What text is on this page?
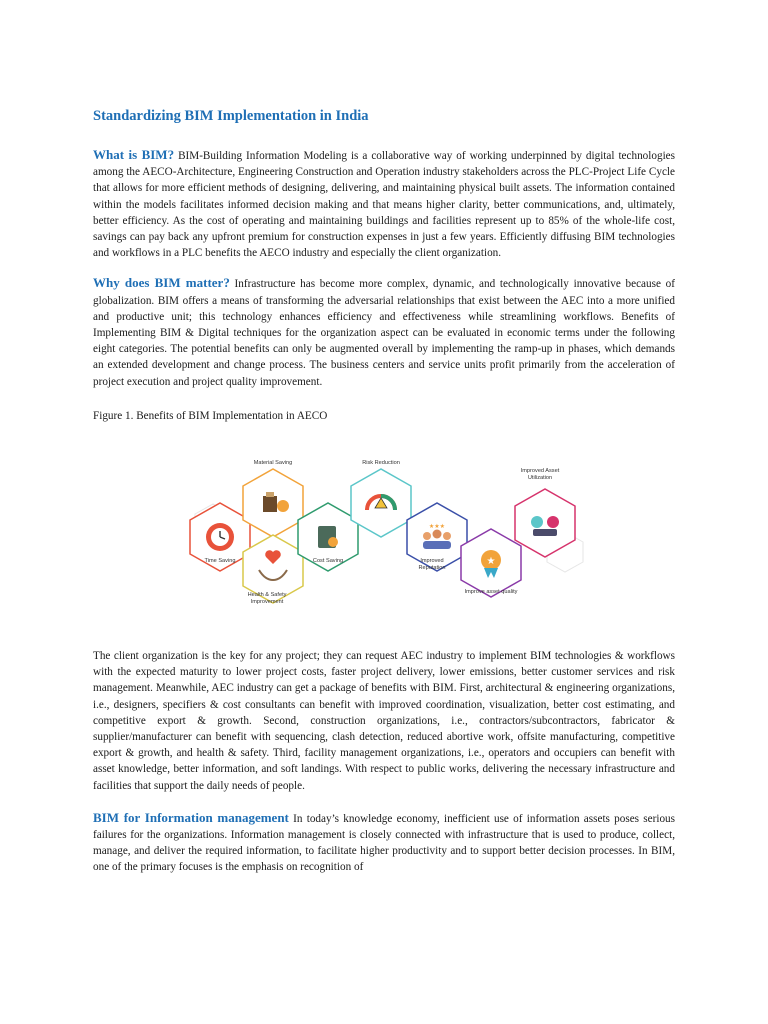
Standardizing BIM Implementation in India

What is BIM? BIM-Building Information Modeling is a collaborative way of working underpinned by digital technologies among the AECO-Architecture, Engineering Construction and Operation industry stakeholders across the PLC-Project Life Cycle that allows for more efficient methods of designing, delivering, and maintaining physical built assets. The information contained within the models facilitates informed decision making and that means higher clarity, better communications, and, ultimately, better efficiency. As the cost of operating and maintaining buildings and facilities represent up to 85% of the whole-life cost, savings can pay back any upfront premium for construction expenses in just a few years. Efficiently diffusing BIM technologies and workflows in a PLC benefits the AECO industry and especially the client organization.

Why does BIM matter? Infrastructure has become more complex, dynamic, and technologically innovative because of globalization. BIM offers a means of transforming the adversarial relationships that exist between the AEC into a more unified and productive unit; this technology enhances efficiency and effectiveness while streamlining workflows. Benefits of Implementing BIM & Digital techniques for the organization aspect can be evaluated in economic terms under the following eight categories. The potential benefits can only be augmented overall by implementing the ramp-up in phases, which demands an extended development and change process. The business centers and service units profit primarily from the acceleration of project execution and project quality improvement.

Figure 1. Benefits of BIM Implementation in AECO

★★★
★
Material Saving	Risk Reduction
Improved Asset Utilization
Time Saving	Cost Saving	Improved Reputation
Improve asset quality
Health & Safety Improvement

The client organization is the key for any project; they can request AEC industry to implement BIM technologies & workflows with the expected maturity to lower project costs, faster project delivery, lower emissions, better customer services and risk management. Meanwhile, AEC industry can get a package of benefits with BIM. First, architectural & engineering organizations, i.e., designers, specifiers & cost consultants can benefit with improved coordination, visualization, better cost estimating, and competitive export & growth. Second, construction organizations, i.e., contractors/subcontractors, fabricator & supplier/manufacturer can benefit with sequencing, clash detection, reduced abortive work, offsite manufacturing, competitive export & growth, and health & safety. Third, facility management organizations, i.e., operators and occupiers can benefit with asset knowledge, better information, and soft landings. With respect to public works, delivering the necessary infrastructure and facilities that support the daily needs of people.

BIM for Information management In today’s knowledge economy, inefficient use of information assets poses serious failures for the organizations. Information management is closely connected with infrastructure that is used to produce, collect, manage, and deliver the required information, to facilitate higher productivity and to support better decision processes. In BIM, one of the primary focuses is the emphasis on recognition of
